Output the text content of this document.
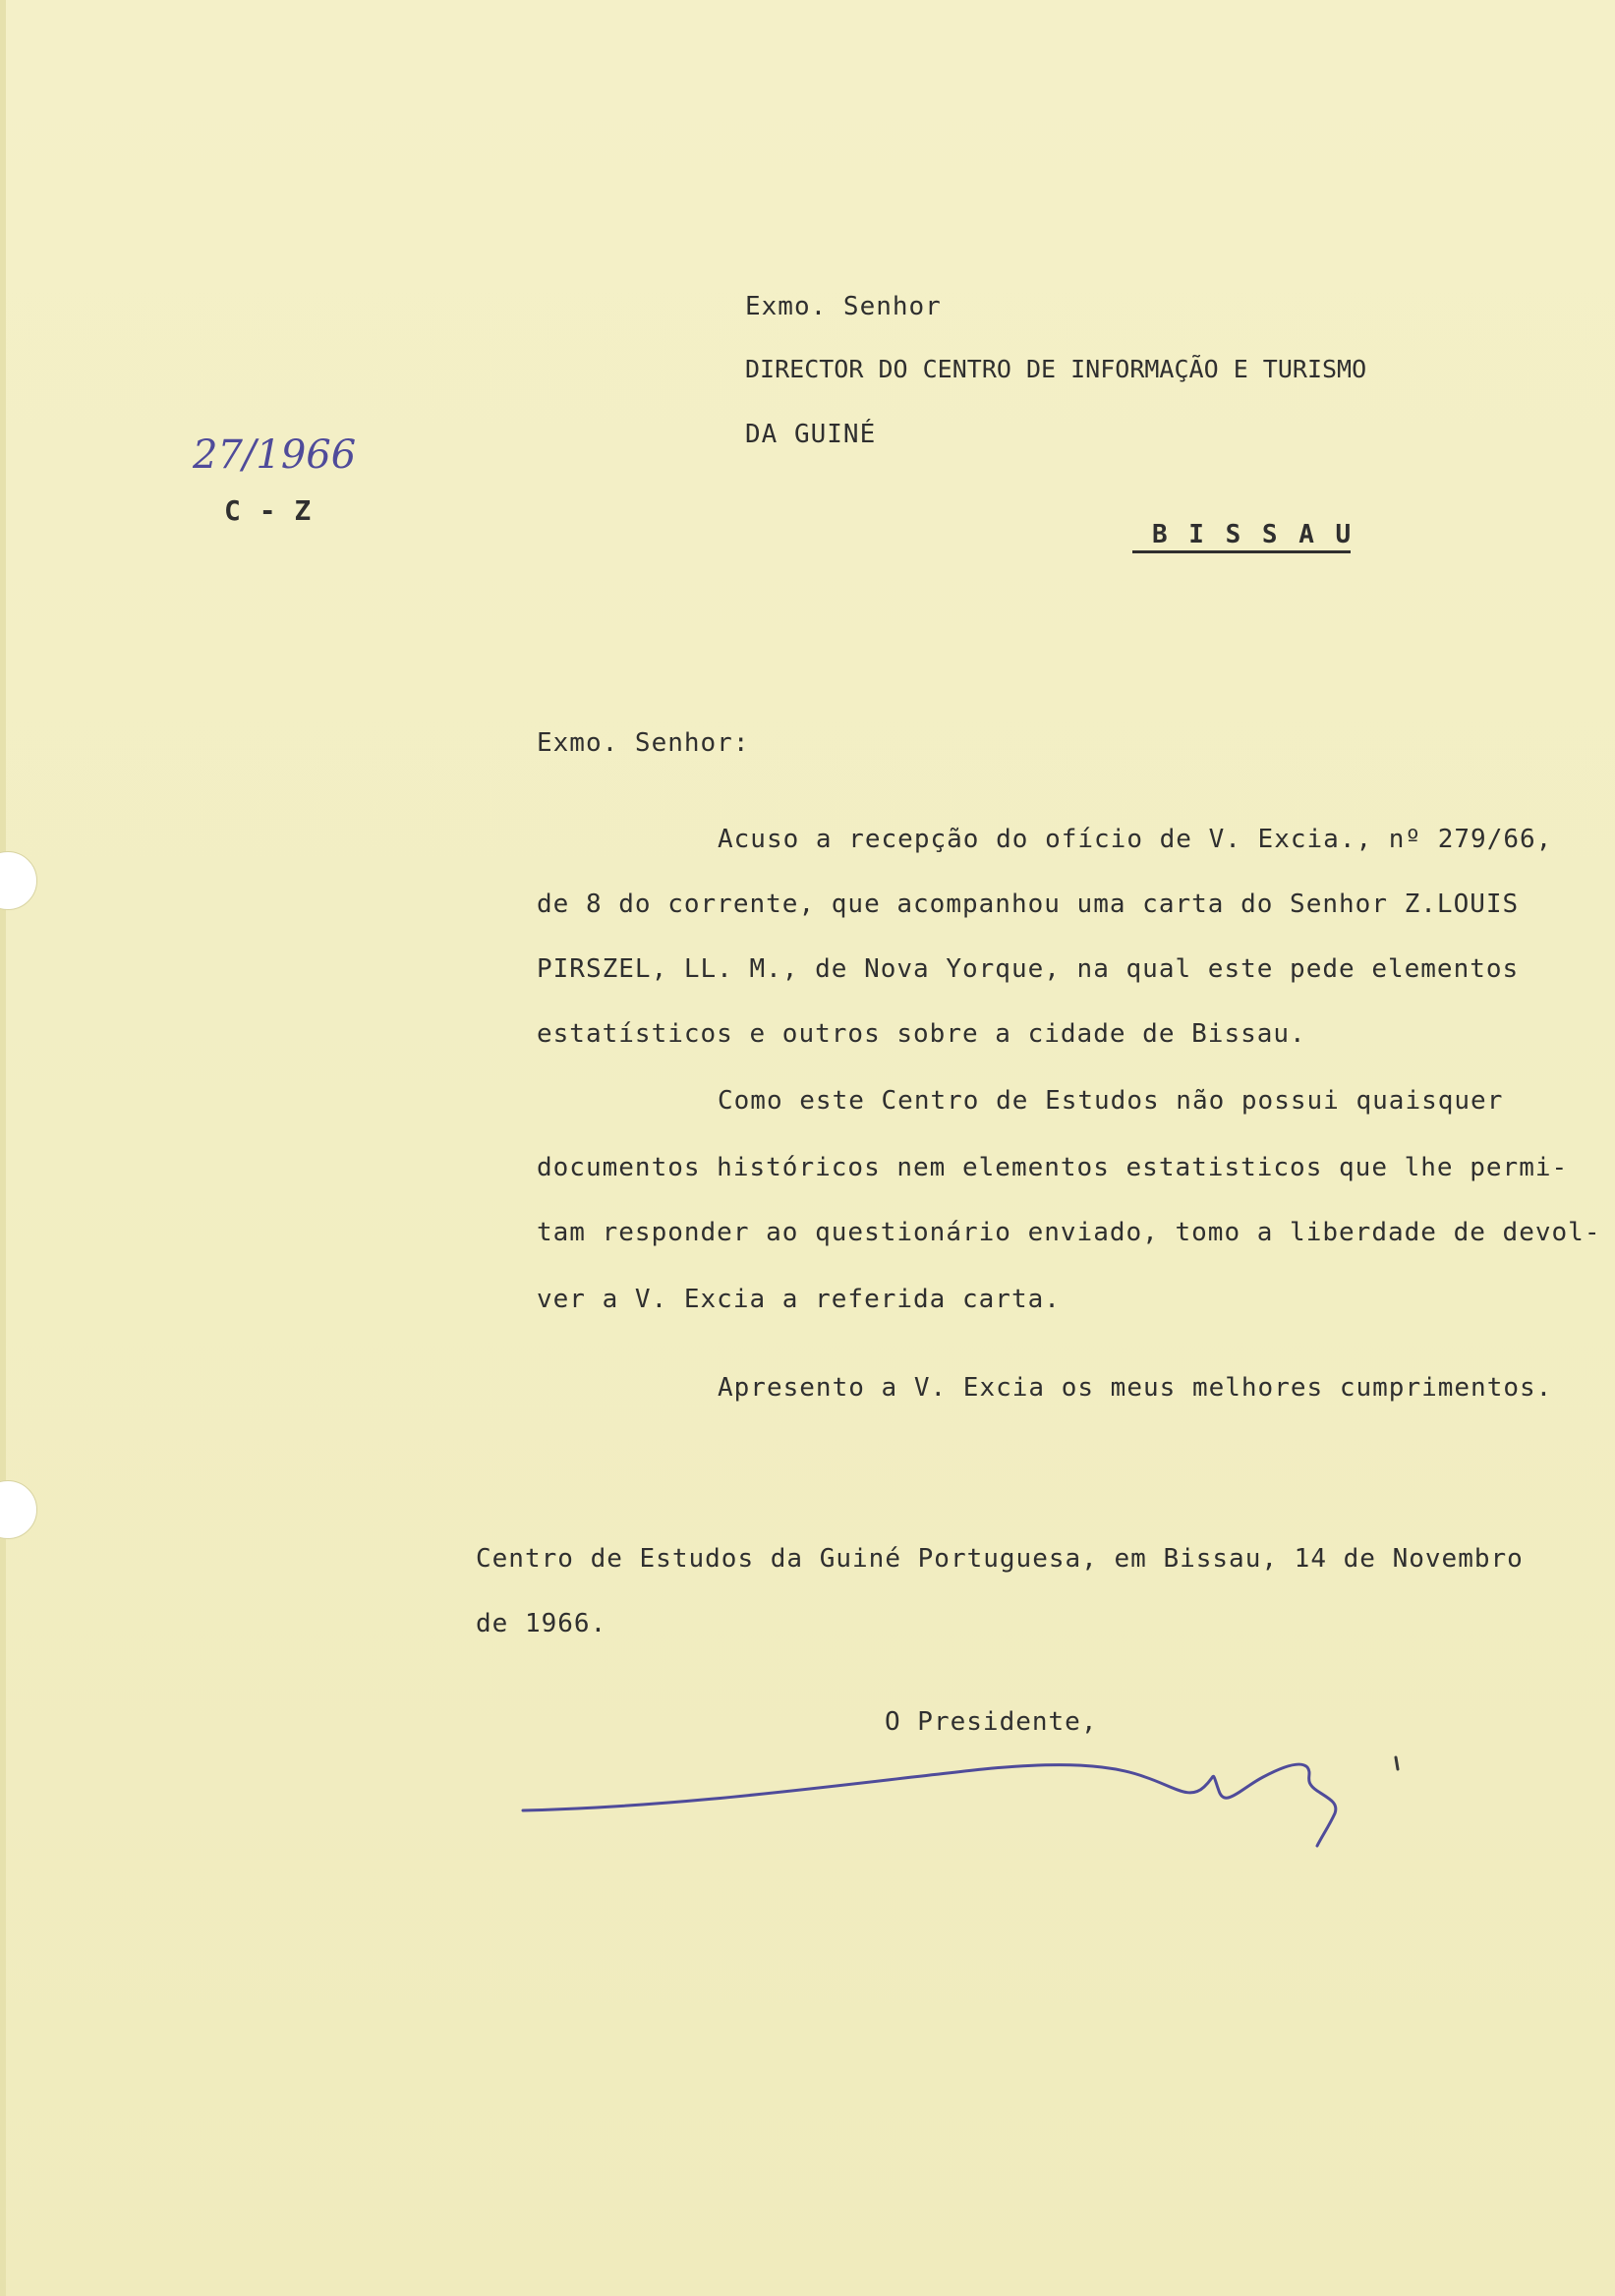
27/1966
C - Z
Exmo. Senhor
DIRECTOR DO CENTRO DE INFORMAÇÃO E TURISMO
DA GUINÉ
B I S S A U
Exmo. Senhor:
Acuso a recepção do ofício de V. Excia., nº 279/66,
de 8 do corrente, que acompanhou uma carta do Senhor Z.LOUIS
PIRSZEL, LL. M., de Nova Yorque, na qual este pede elementos
estatísticos e outros sobre a cidade de Bissau.
Como este Centro de Estudos não possui quaisquer
documentos históricos nem elementos estatisticos que lhe permi-
tam responder ao questionário enviado, tomo a liberdade de devol-
ver a V. Excia a referida carta.
Apresento a V. Excia os meus melhores cumprimentos.
Centro de Estudos da Guiné Portuguesa, em Bissau, 14 de Novembro
de 1966.
O Presidente,
